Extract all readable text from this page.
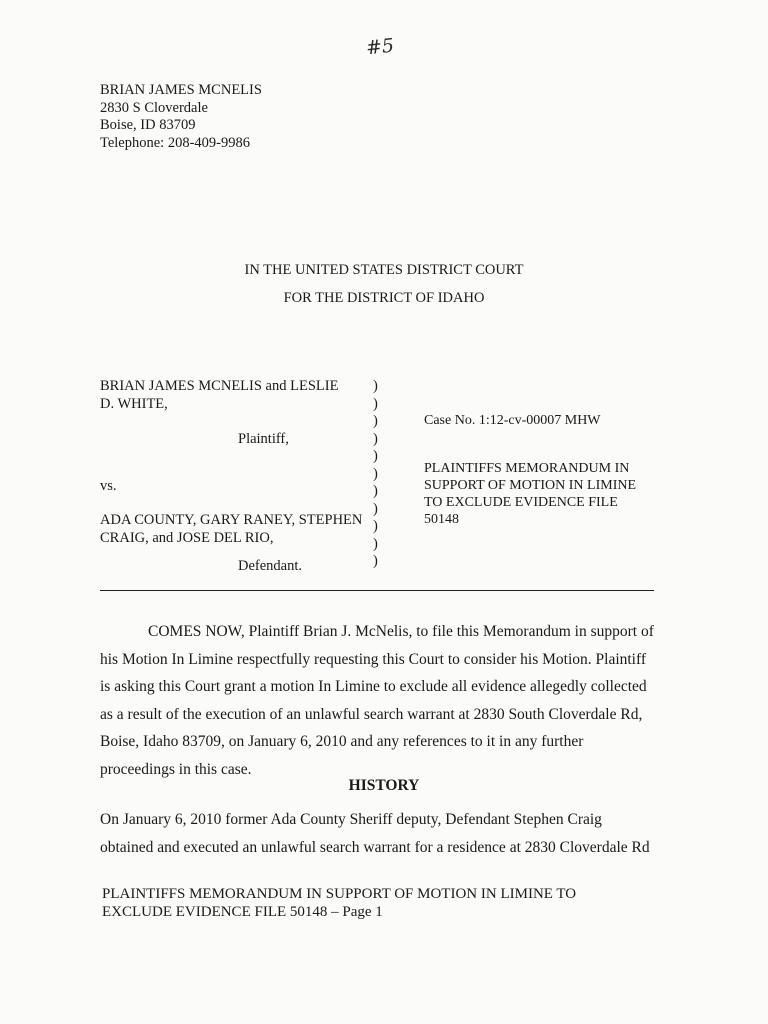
#5
BRIAN JAMES MCNELIS
2830 S Cloverdale
Boise, ID 83709
Telephone: 208-409-9986
IN THE UNITED STATES DISTRICT COURT
FOR THE DISTRICT OF IDAHO
BRIAN JAMES MCNELIS and LESLIE
D. WHITE,
Plaintiff,
vs.
ADA COUNTY, GARY RANEY, STEPHEN
CRAIG, and JOSE DEL RIO,
Defendant.
)
)
)
)
)
)
)
)
)
)
)
Case No. 1:12-cv-00007 MHW
PLAINTIFFS MEMORANDUM IN
SUPPORT OF MOTION IN LIMINE
TO EXCLUDE EVIDENCE FILE
50148
COMES NOW, Plaintiff Brian J. McNelis, to file this Memorandum in support of
his Motion In Limine respectfully requesting this Court to consider his Motion. Plaintiff
is asking this Court grant a motion In Limine to exclude all evidence allegedly collected
as a result of the execution of an unlawful search warrant at 2830 South Cloverdale Rd,
Boise, Idaho 83709, on January 6, 2010 and any references to it in any further
proceedings in this case.
HISTORY
On January 6, 2010 former Ada County Sheriff deputy, Defendant Stephen Craig
obtained and executed an unlawful search warrant for a residence at 2830 Cloverdale Rd
PLAINTIFFS MEMORANDUM IN SUPPORT OF MOTION IN LIMINE TO
EXCLUDE EVIDENCE FILE 50148 – Page 1
